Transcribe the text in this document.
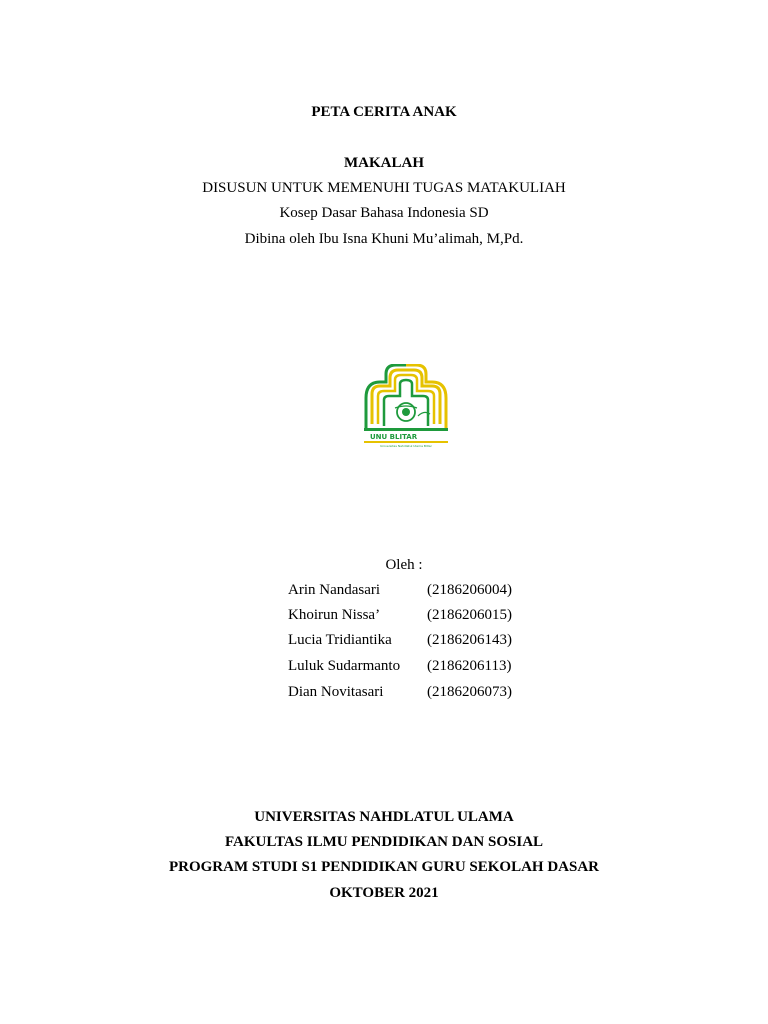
PETA CERITA ANAK
MAKALAH
DISUSUN UNTUK MEMENUHI TUGAS MATAKULIAH
Kosep Dasar Bahasa Indonesia SD
Dibina oleh Ibu Isna Khuni Mu’alimah, M,Pd.
UNU BLITAR
Universitas Nahdlatul Ulama Blitar
Oleh :
Arin Nandasari	(2186206004)
Khoirun Nissa’	(2186206015)
Lucia Tridiantika (2186206143)
Luluk Sudarmanto (2186206113)
Dian Novitasari	(2186206073)
UNIVERSITAS NAHDLATUL ULAMA
FAKULTAS ILMU PENDIDIKAN DAN SOSIAL
PROGRAM STUDI S1 PENDIDIKAN GURU SEKOLAH DASAR
OKTOBER 2021
